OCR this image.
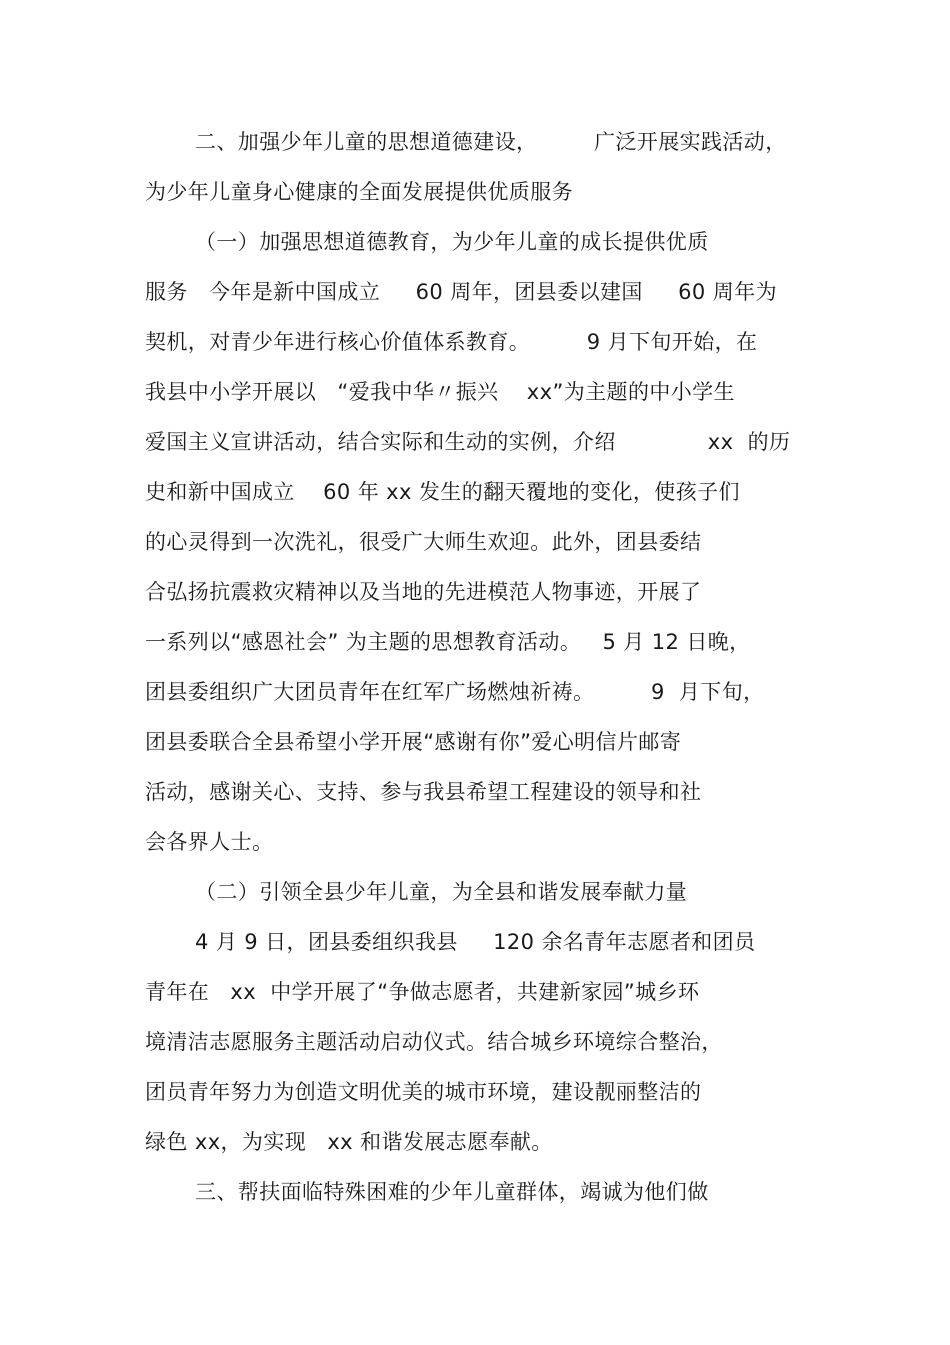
二、加强少年儿童的思想道德建设，        广泛开展实践活动，
为少年儿童身心健康的全面发展提供优质服务
（一）加强思想道德教育，为少年儿童的成长提供优质
服务   今年是新中国成立     60 周年，团县委以建国     60 周年为
契机，对青少年进行核心价值体系教育。        9 月下旬开始，在
我县中小学开展以   “爱我中华〃振兴    xx”为主题的中小学生
爱国主义宣讲活动，结合实际和生动的实例，介绍             xx  的历
史和新中国成立    60 年 xx 发生的翻天覆地的变化，使孩子们
的心灵得到一次洗礼，很受广大师生欢迎。此外，团县委结
合弘扬抗震救灾精神以及当地的先进模范人物事迹，开展了
一系列以“感恩社会” 为主题的思想教育活动。   5 月 12 日晚，
团县委组织广大团员青年在红军广场燃烛祈祷。        9  月下旬，
团县委联合全县希望小学开展“感谢有你”爱心明信片邮寄
活动，感谢关心、支持、参与我县希望工程建设的领导和社
会各界人士。
（二）引领全县少年儿童，为全县和谐发展奉献力量
4 月 9 日，团县委组织我县     120 余名青年志愿者和团员
青年在   xx  中学开展了“争做志愿者，共建新家园”城乡环
境清洁志愿服务主题活动启动仪式。结合城乡环境综合整治，
团员青年努力为创造文明优美的城市环境，建设靓丽整洁的
绿色 xx，为实现   xx 和谐发展志愿奉献。
三、帮扶面临特殊困难的少年儿童群体，竭诚为他们做
